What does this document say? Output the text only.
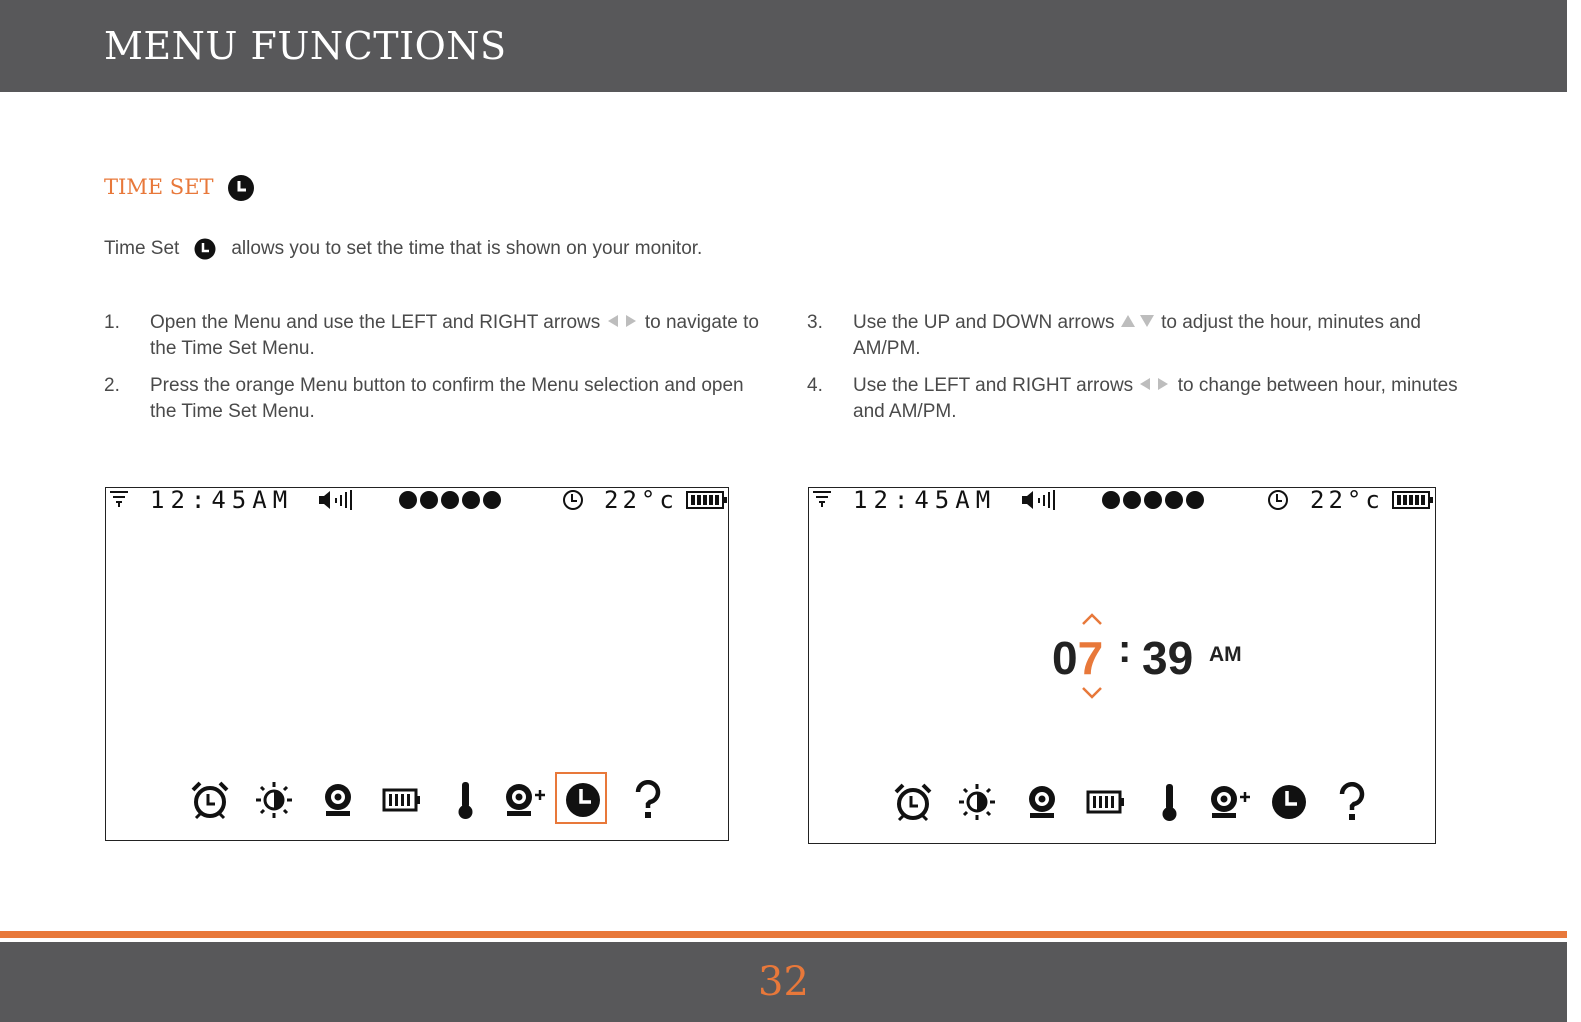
MENU FUNCTIONS
TIME SET
Time Set	allows you to set the time that is shown on your monitor.
1.	Open the Menu and use the LEFT and RIGHT arrows to navigate to the Time Set Menu.
2.	Press the orange Menu button to confirm the Menu selection and open the Time Set Menu.
3.	Use the UP and DOWN arrows to adjust the hour, minutes and AM/PM.
4.	Use the LEFT and RIGHT arrows to change between hour, minutes and AM/PM.
12:45AM	22°c	12:45AM	22°c
07 : 39 AM
32
